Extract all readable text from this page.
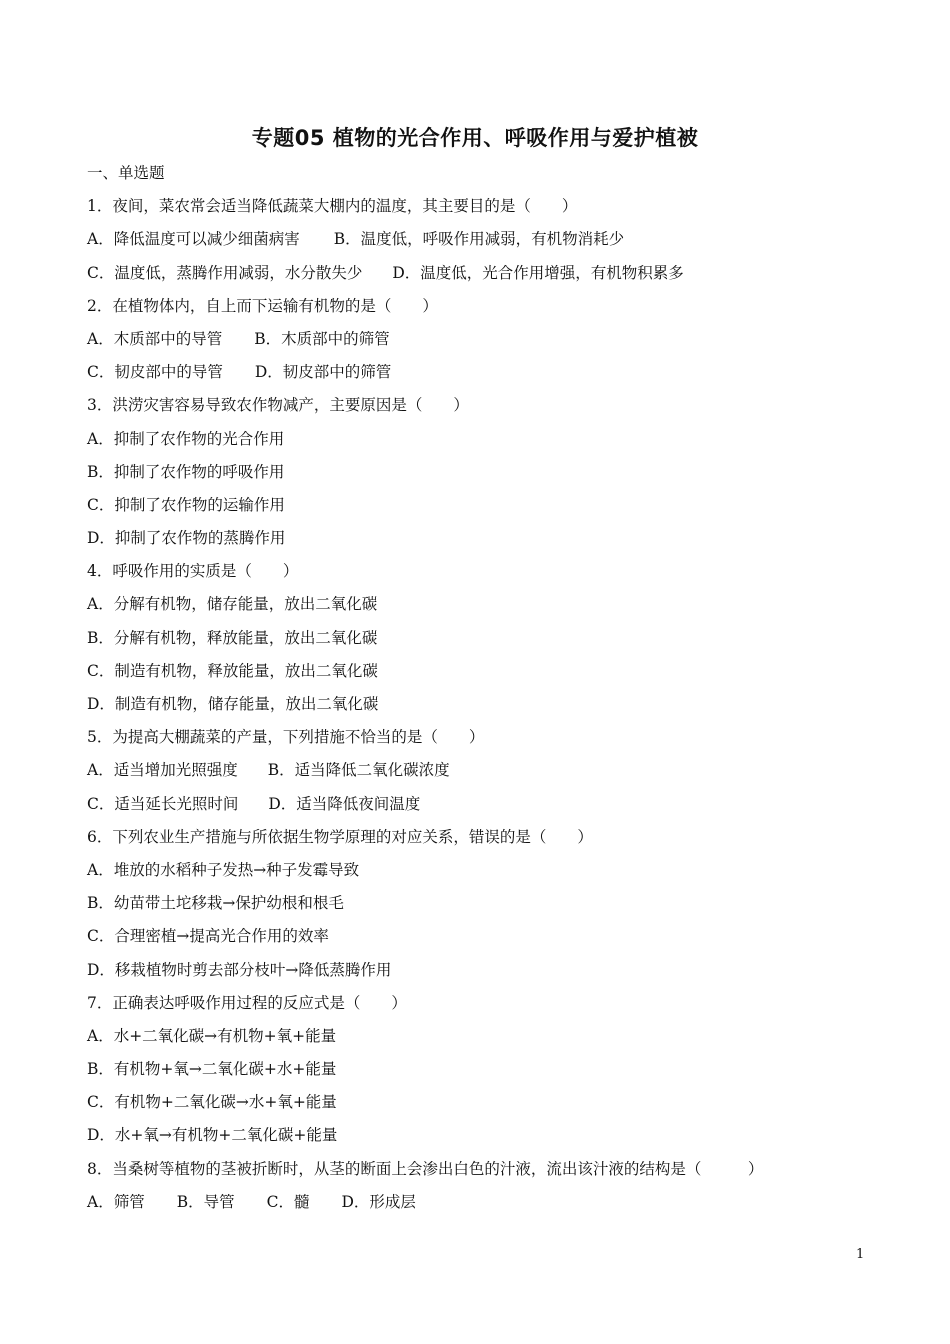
专题05 植物的光合作用、呼吸作用与爱护植被
一、单选题
1．夜间，菜农常会适当降低蔬菜大棚内的温度，其主要目的是（　　）
A．降低温度可以减少细菌病害 B．温度低，呼吸作用减弱，有机物消耗少
C．温度低，蒸腾作用减弱，水分散失少 D．温度低，光合作用增强，有机物积累多
2．在植物体内，自上而下运输有机物的是（　　）
A．木质部中的导管 B．木质部中的筛管
C．韧皮部中的导管 D．韧皮部中的筛管
3．洪涝灾害容易导致农作物减产，主要原因是（　　）
A．抑制了农作物的光合作用
B．抑制了农作物的呼吸作用
C．抑制了农作物的运输作用
D．抑制了农作物的蒸腾作用
4．呼吸作用的实质是（　　）
A．分解有机物，储存能量，放出二氧化碳
B．分解有机物，释放能量，放出二氧化碳
C．制造有机物，释放能量，放出二氧化碳
D．制造有机物，储存能量，放出二氧化碳
5．为提高大棚蔬菜的产量，下列措施不恰当的是（　　）
A．适当增加光照强度 B．适当降低二氧化碳浓度
C．适当延长光照时间 D．适当降低夜间温度
6．下列农业生产措施与所依据生物学原理的对应关系，错误的是（　　）
A．堆放的水稻种子发热→种子发霉导致
B．幼苗带土坨移栽→保护幼根和根毛
C．合理密植→提高光合作用的效率
D．移栽植物时剪去部分枝叶→降低蒸腾作用
7．正确表达呼吸作用过程的反应式是（　　）
A．水+二氧化碳→有机物+氧+能量
B．有机物+氧→二氧化碳+水+能量
C．有机物+二氧化碳→水+氧+能量
D．水+氧→有机物+二氧化碳+能量
8．当桑树等植物的茎被折断时，从茎的断面上会渗出白色的汁液，流出该汁液的结构是（　　　）
A．筛管 B．导管 C．髓 D．形成层
1
